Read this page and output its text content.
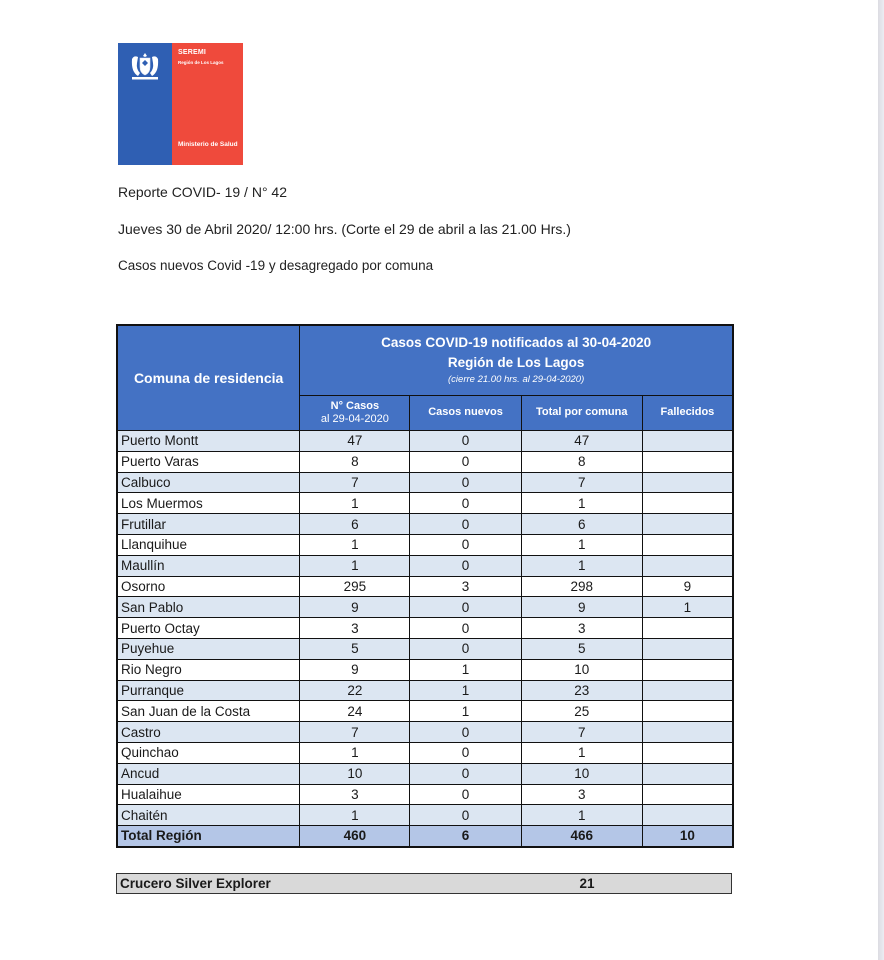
SEREMI
Región de Los Lagos
Ministerio de Salud
Reporte COVID- 19 / N° 42
Jueves 30 de Abril 2020/ 12:00 hrs. (Corte el 29 de abril a las 21.00 Hrs.)
Casos nuevos Covid -19 y desagregado por comuna
Comuna de residencia	Casos COVID-19 notificados al 30-04-2020
Región de Los Lagos
(cierre 21.00 hrs. al 29-04-2020)			

	N° Casos
al 29-04-2020	Casos nuevos	Total por comuna	Fallecidos
Puerto Montt	47	0	47	
Puerto Varas	8	0	8	
Calbuco	7	0	7	
Los Muermos	1	0	1	
Frutillar	6	0	6	
Llanquihue	1	0	1	
Maullín	1	0	1	
Osorno	295	3	298	9
San Pablo	9	0	9	1
Puerto Octay	3	0	3	
Puyehue	5	0	5	
Rio Negro	9	1	10	
Purranque	22	1	23	
San Juan de la Costa	24	1	25	
Castro	7	0	7	
Quinchao	1	0	1	
Ancud	10	0	10	
Hualaihue	3	0	3	
Chaitén	1	0	1	
Total Región	460	6	466	10
Crucero Silver Explorer	21
